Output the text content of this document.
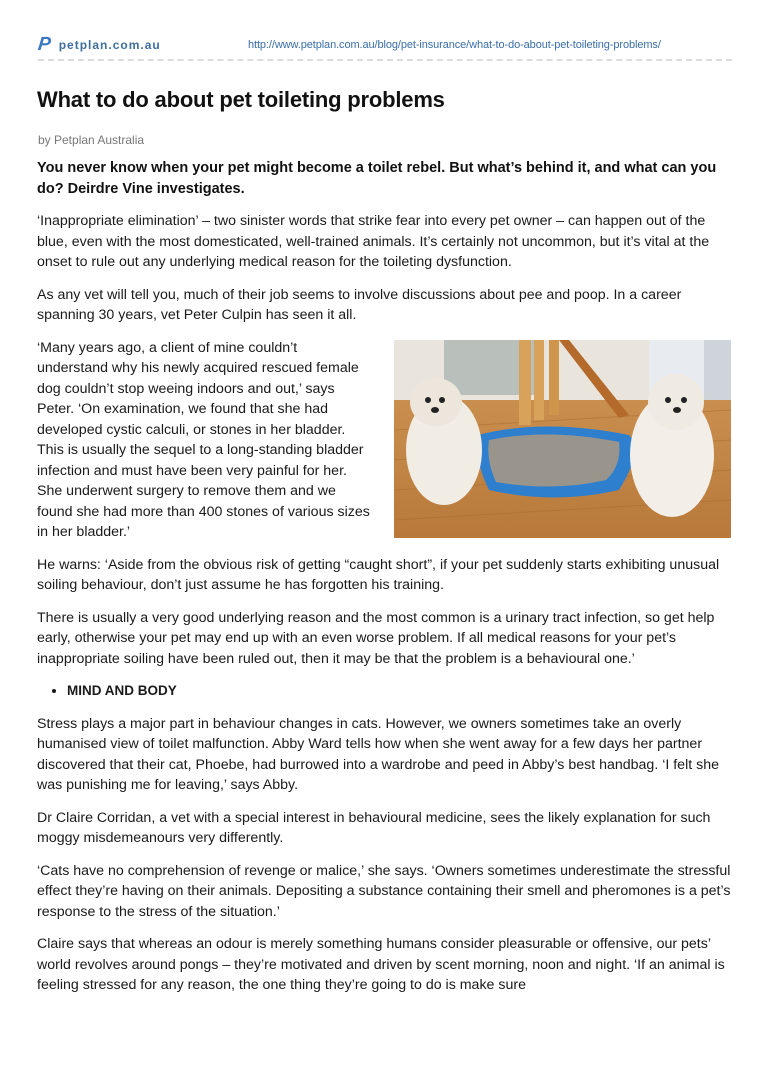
P petplan.com.au	http://www.petplan.com.au/blog/pet-insurance/what-to-do-about-pet-toileting-problems/
What to do about pet toileting problems
by Petplan Australia

You never know when your pet might become a toilet rebel. But what’s behind it, and what can you do? Deirdre Vine investigates.

‘Inappropriate elimination’ – two sinister words that strike fear into every pet owner – can happen out of the blue, even with the most domesticated, well-trained animals. It’s certainly not uncommon, but it’s vital at the onset to rule out any underlying medical reason for the toileting dysfunction.

As any vet will tell you, much of their job seems to involve discussions about pee and poop. In a career spanning 30 years, vet Peter Culpin has seen it all.

‘Many years ago, a client of mine couldn’t understand why his newly acquired rescued female dog couldn’t stop weeing indoors and out,’ says Peter. ‘On examination, we found that she had developed cystic calculi, or stones in her bladder. This is usually the sequel to a long-standing bladder infection and must have been very painful for her. She underwent surgery to remove them and we found she had more than 400 stones of various sizes in her bladder.’

He warns: ‘Aside from the obvious risk of getting “caught short”, if your pet suddenly starts exhibiting unusual soiling behaviour, don’t just assume he has forgotten his training.

There is usually a very good underlying reason and the most common is a urinary tract infection, so get help early, otherwise your pet may end up with an even worse problem. If all medical reasons for your pet’s inappropriate soiling have been ruled out, then it may be that the problem is a behavioural one.’

• MIND AND BODY

Stress plays a major part in behaviour changes in cats. However, we owners sometimes take an overly humanised view of toilet malfunction. Abby Ward tells how when she went away for a few days her partner discovered that their cat, Phoebe, had burrowed into a wardrobe and peed in Abby’s best handbag. ‘I felt she was punishing me for leaving,’ says Abby.

Dr Claire Corridan, a vet with a special interest in behavioural medicine, sees the likely explanation for such moggy misdemeanours very differently.

‘Cats have no comprehension of revenge or malice,’ she says. ‘Owners sometimes underestimate the stressful effect they’re having on their animals. Depositing a substance containing their smell and pheromones is a pet’s response to the stress of the situation.’

Claire says that whereas an odour is merely something humans consider pleasurable or offensive, our pets’ world revolves around pongs – they’re motivated and driven by scent morning, noon and night. ‘If an animal is feeling stressed for any reason, the one thing they’re going to do is make sure
